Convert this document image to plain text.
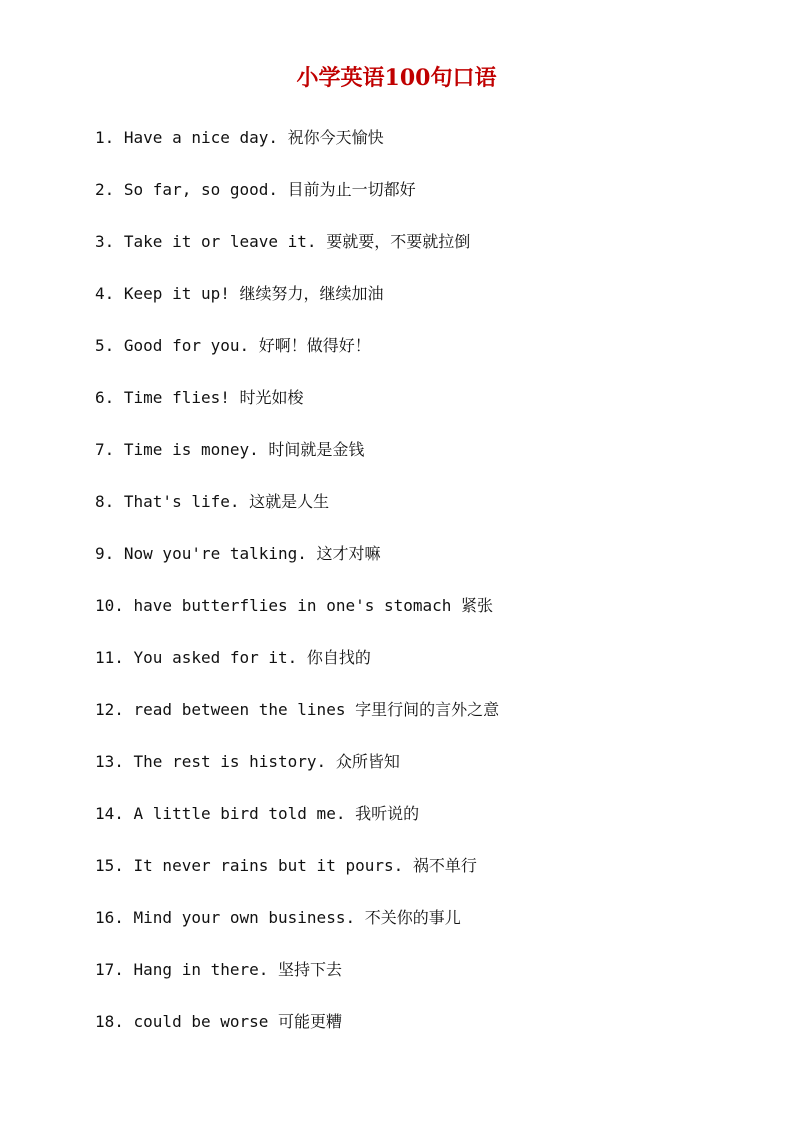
小学英语100句口语
1. Have a nice day. 祝你今天愉快
2. So far, so good. 目前为止一切都好
3. Take it or leave it. 要就要，不要就拉倒
4. Keep it up! 继续努力，继续加油
5. Good for you. 好啊！做得好！
6. Time flies! 时光如梭
7. Time is money. 时间就是金钱
8. That's life. 这就是人生
9. Now you're talking. 这才对嘛
10. have butterflies in one's stomach 紧张
11. You asked for it. 你自找的
12. read between the lines 字里行间的言外之意
13. The rest is history. 众所皆知
14. A little bird told me. 我听说的
15. It never rains but it pours. 祸不单行
16. Mind your own business. 不关你的事儿
17. Hang in there. 坚持下去
18. could be worse 可能更糟
